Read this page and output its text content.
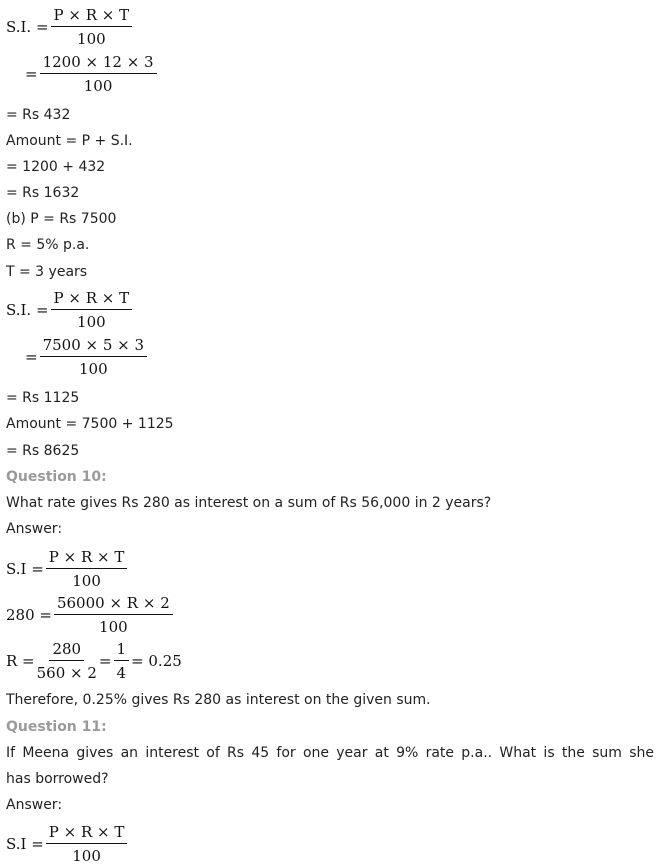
S.I. = $\frac{P \times R \times T}{100}$
= $\frac{1200 \times 12 \times 3}{100}$
= Rs 432
Amount = P + S.I.
= 1200 + 432
= Rs 1632
(b) P = Rs 7500
R = 5% p.a.
T = 3 years
S.I. = $\frac{P \times R \times T}{100}$
= $\frac{7500 \times 5 \times 3}{100}$
= Rs 1125
Amount = 7500 + 1125
= Rs 8625
Question 10:
What rate gives Rs 280 as interest on a sum of Rs 56,000 in 2 years?
Answer:
$S.I = \frac{P \times R \times T}{100}$
$280 = \frac{56000 \times R \times 2}{100}$
$R = \frac{280}{560 \times 2} = \frac{1}{4} = 0.25$
Therefore, 0.25% gives Rs 280 as interest on the given sum.
Question 11:
If Meena gives an interest of Rs 45 for one year at 9% rate p.a.. What is the sum she
has borrowed?
Answer:
$S.I = \frac{P \times R \times T}{100}$
